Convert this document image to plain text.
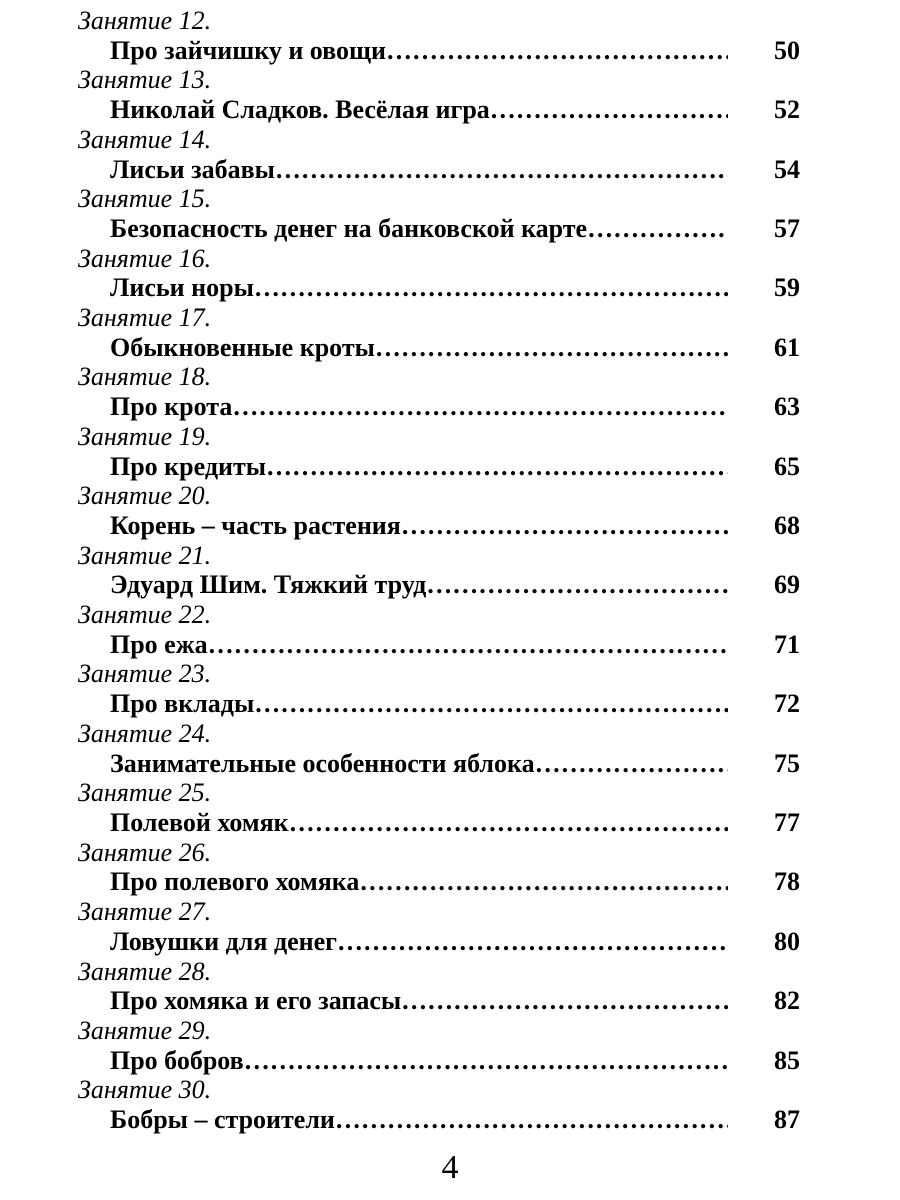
Занятие 12.
Про зайчишку и овощи ………………………………………………………………………………………………………………	50
Занятие 13.
Николай Сладков. Весёлая игра ………………………………………………………………………………………………………………	52
Занятие 14.
Лисьи забавы ………………………………………………………………………………………………………………	54
Занятие 15.
Безопасность денег на банковской карте ………………………………………………………………………………………………………………	57
Занятие 16.
Лисьи норы ………………………………………………………………………………………………………………	59
Занятие 17.
Обыкновенные кроты ………………………………………………………………………………………………………………	61
Занятие 18.
Про крота ………………………………………………………………………………………………………………	63
Занятие 19.
Про кредиты ………………………………………………………………………………………………………………	65
Занятие 20.
Корень – часть растения ………………………………………………………………………………………………………………	68
Занятие 21.
Эдуард Шим. Тяжкий труд ………………………………………………………………………………………………………………	69
Занятие 22.
Про ежа ………………………………………………………………………………………………………………	71
Занятие 23.
Про вклады ………………………………………………………………………………………………………………	72
Занятие 24.
Занимательные особенности яблока ………………………………………………………………………………………………………………	75
Занятие 25.
Полевой хомяк ………………………………………………………………………………………………………………	77
Занятие 26.
Про полевого хомяка ………………………………………………………………………………………………………………	78
Занятие 27.
Ловушки для денег ………………………………………………………………………………………………………………	80
Занятие 28.
Про хомяка и его запасы ………………………………………………………………………………………………………………	82
Занятие 29.
Про бобров ………………………………………………………………………………………………………………	85
Занятие 30.
Бобры – строители ………………………………………………………………………………………………………………	87
4
